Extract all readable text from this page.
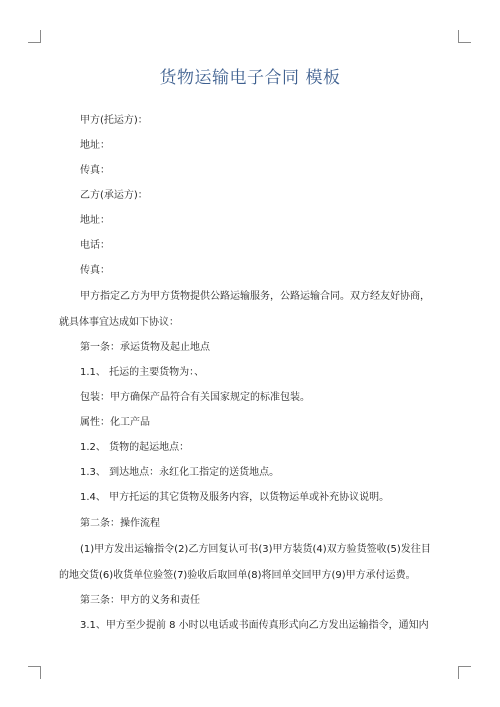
货物运输电子合同 模板
甲方(托运方)：
地址：
传真：
乙方(承运方)：
地址：
电话：
传真：
甲方指定乙方为甲方货物提供公路运输服务，公路运输合同。双方经友好协商，
就具体事宜达成如下协议：
第一条：承运货物及起止地点
1.1、 托运的主要货物为：、
包装：甲方确保产品符合有关国家规定的标准包装。
属性：化工产品
1.2、 货物的起运地点：
1.3、 到达地点：永红化工指定的送货地点。
1.4、 甲方托运的其它货物及服务内容，以货物运单或补充协议说明。
第二条：操作流程
(1)甲方发出运输指令(2)乙方回复认可书(3)甲方装货(4)双方验货签收(5)发往目
的地交货(6)收货单位验签(7)验收后取回单(8)将回单交回甲方(9)甲方承付运费。
第三条：甲方的义务和责任
3.1、甲方至少提前 8 小时以电话或书面传真形式向乙方发出运输指令，通知内
